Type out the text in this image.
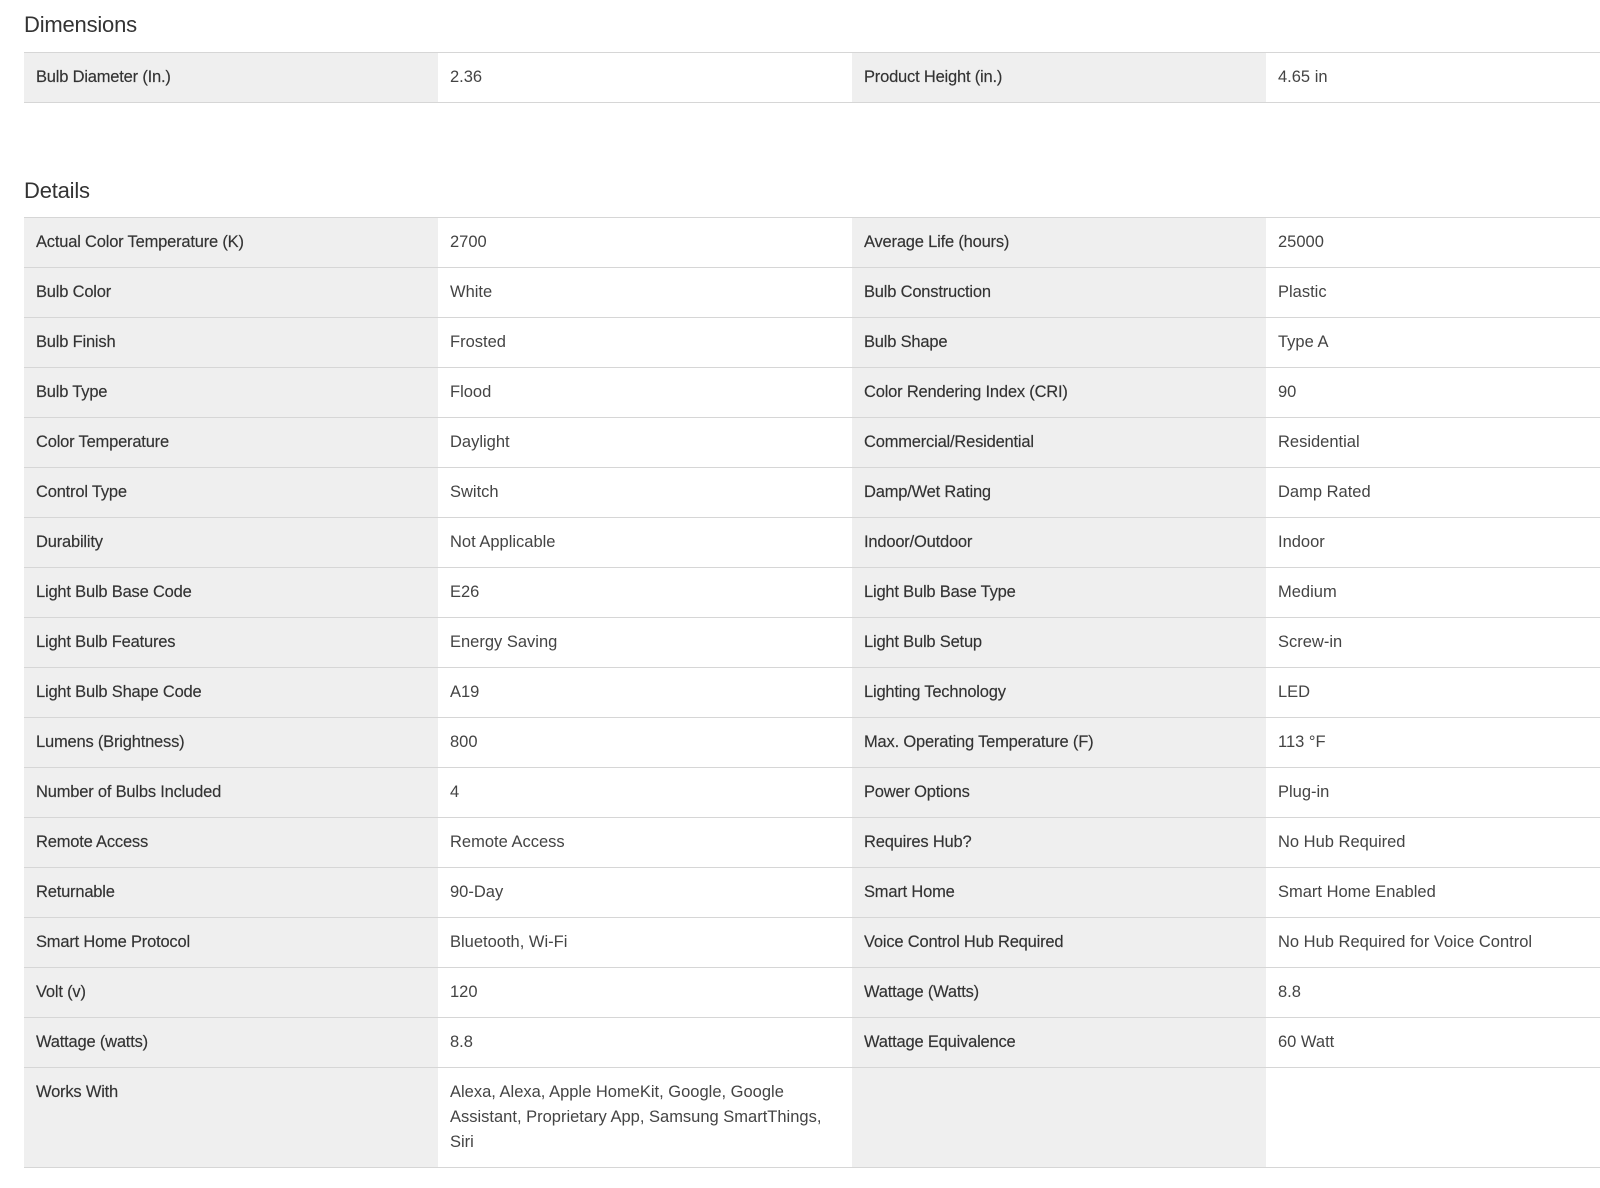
Dimensions
Bulb Diameter (In.)	2.36	Product Height (in.)	4.65 in
Details
Actual Color Temperature (K)	2700	Average Life (hours)	25000
Bulb Color	White	Bulb Construction	Plastic
Bulb Finish	Frosted	Bulb Shape	Type A
Bulb Type	Flood	Color Rendering Index (CRI)	90
Color Temperature	Daylight	Commercial/Residential	Residential
Control Type	Switch	Damp/Wet Rating	Damp Rated
Durability	Not Applicable	Indoor/Outdoor	Indoor
Light Bulb Base Code	E26	Light Bulb Base Type	Medium
Light Bulb Features	Energy Saving	Light Bulb Setup	Screw-in
Light Bulb Shape Code	A19	Lighting Technology	LED
Lumens (Brightness)	800	Max. Operating Temperature (F)	113 °F
Number of Bulbs Included	4	Power Options	Plug-in
Remote Access	Remote Access	Requires Hub?	No Hub Required
Returnable	90-Day	Smart Home	Smart Home Enabled
Smart Home Protocol	Bluetooth, Wi-Fi	Voice Control Hub Required	No Hub Required for Voice Control
Volt (v)	120	Wattage (Watts)	8.8
Wattage (watts)	8.8	Wattage Equivalence	60 Watt
Works With	Alexa, Alexa, Apple HomeKit, Google, Google Assistant, Proprietary App, Samsung SmartThings, Siri
